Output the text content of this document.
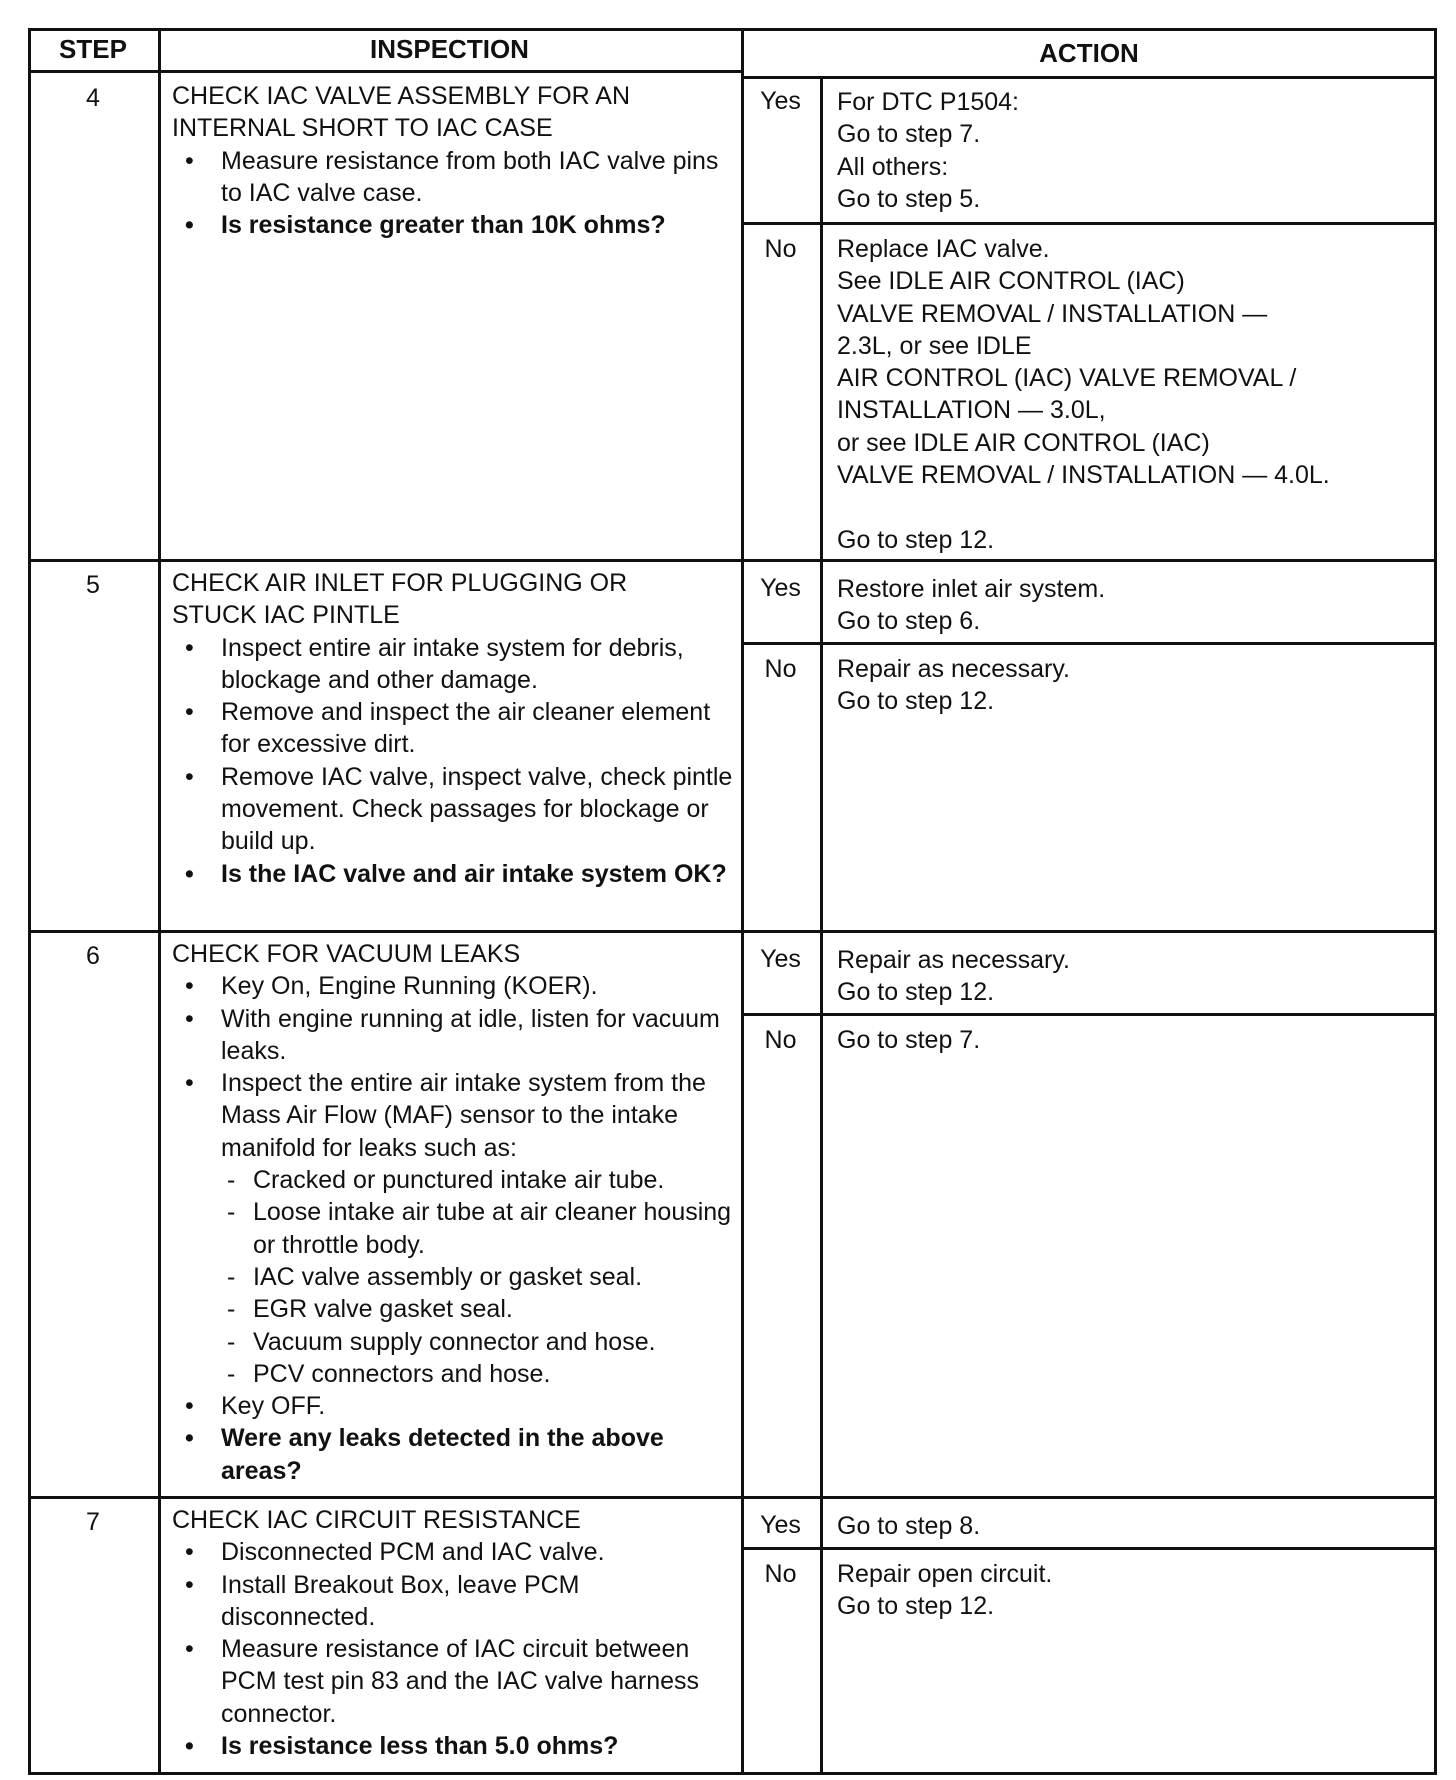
STEP	INSPECTION	ACTION
4	CHECK IAC VALVE ASSEMBLY FOR AN
INTERNAL SHORT TO IAC CASE
• Measure resistance from both IAC valve pins to IAC valve case.
• Is resistance greater than 10K ohms?
Yes	For DTC P1504:
Go to step 7.
All others:
Go to step 5.
No	Replace IAC valve.
See IDLE AIR CONTROL (IAC)
VALVE REMOVAL / INSTALLATION —
2.3L, or see IDLE
AIR CONTROL (IAC) VALVE REMOVAL /
INSTALLATION — 3.0L,
or see IDLE AIR CONTROL (IAC)
VALVE REMOVAL / INSTALLATION — 4.0L.

Go to step 12.
5	CHECK AIR INLET FOR PLUGGING OR
STUCK IAC PINTLE
• Inspect entire air intake system for debris, blockage and other damage.
• Remove and inspect the air cleaner element for excessive dirt.
• Remove IAC valve, inspect valve, check pintle movement. Check passages for blockage or build up.
• Is the IAC valve and air intake system OK?
Yes	Restore inlet air system.
Go to step 6.
No	Repair as necessary.
Go to step 12.
6	CHECK FOR VACUUM LEAKS
• Key On, Engine Running (KOER).
• With engine running at idle, listen for vacuum leaks.
• Inspect the entire air intake system from the Mass Air Flow (MAF) sensor to the intake manifold for leaks such as:
- Cracked or punctured intake air tube.
- Loose intake air tube at air cleaner housing or throttle body.
- IAC valve assembly or gasket seal.
- EGR valve gasket seal.
- Vacuum supply connector and hose.
- PCV connectors and hose.
• Key OFF.
• Were any leaks detected in the above areas?
Yes	Repair as necessary.
Go to step 12.
No	Go to step 7.
7	CHECK IAC CIRCUIT RESISTANCE
• Disconnected PCM and IAC valve.
• Install Breakout Box, leave PCM disconnected.
• Measure resistance of IAC circuit between PCM test pin 83 and the IAC valve harness connector.
• Is resistance less than 5.0 ohms?
Yes	Go to step 8.
No	Repair open circuit.
Go to step 12.
